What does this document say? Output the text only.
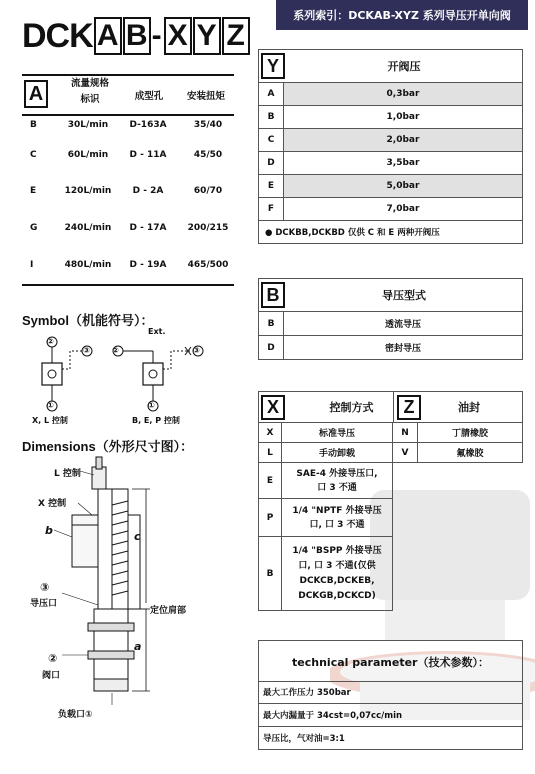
系列索引：DCKAB-XYZ 系列导压开单向阀
DCK A B - X Y Z
A	流量规格
标识	成型孔	安装扭矩
B	30L/min	D-163A	35/40
C	60L/min	D - 11A	45/50
E	120L/min	D - 2A	60/70
G	240L/min	D - 17A	200/215
I	480L/min	D - 19A	465/500
Symbol（机能符号）：
②
③
①
②
Ext.
③
①
X, L 控制	B, E, P 控制
Dimensions（外形尺寸图）：
L 控制
X 控制
b	c
a
③
导压口
②
阀口
定位肩部
负载口①
Y	开阀压
A	0,3bar
B	1,0bar
C	2,0bar
D	3,5bar
E	5,0bar
F	7,0bar
● DCKBB,DCKBD 仅供 C 和 E 两种开阀压	
B	导压型式
B	透流导压
D	密封导压
X	控制方式	Z	油封
X	标准导压	N	丁腈橡胶
L	手动卸载	V	氟橡胶
E	SAE-4 外接导压口,
口 3 不通		
P	1/4 "NPTF 外接导压
口, 口 3 不通		
B	1/4 "BSPP 外接导压
口, 口 3 不通(仅供
DCKCB,DCKEB,
DCKGB,DCKCD)		
technical parameter（技术参数）：
最大工作压力 350bar
最大内漏量于 34cst=0,07cc/min
导压比，气对油=3:1
